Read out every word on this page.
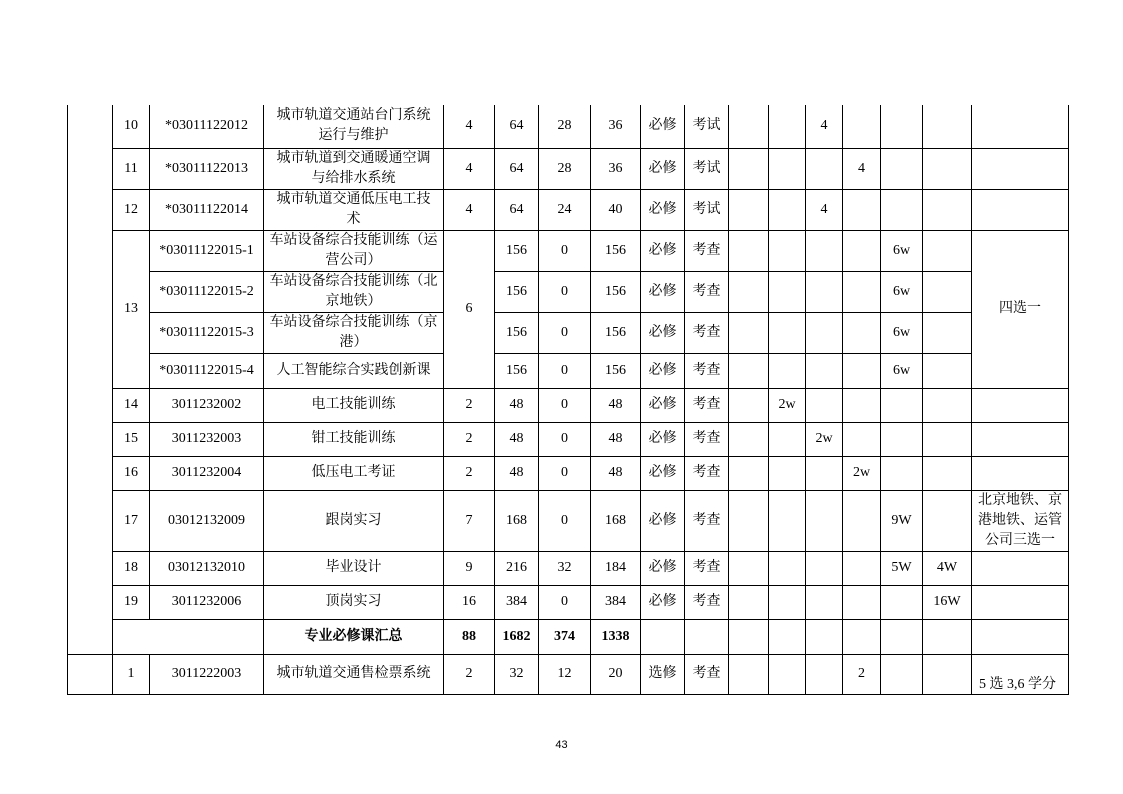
	10	*03011122012	城市轨道交通站台门系统运行与维护	4	64	28	36	必修	考试			4				
	11	*03011122013	城市轨道到交通暖通空调与给排水系统	4	64	28	36	必修	考试				4			
	12	*03011122014	城市轨道交通低压电工技术	4	64	24	40	必修	考试			4				
	13	*03011122015-1	车站设备综合技能训练（运营公司）	6	156	0	156	必修	考查					6w		四选一
		*03011122015-2	车站设备综合技能训练（北京地铁）		156	0	156	必修	考查					6w		
		*03011122015-3	车站设备综合技能训练（京港）		156	0	156	必修	考查					6w		
		*03011122015-4	人工智能综合实践创新课		156	0	156	必修	考查					6w		
	14	3011232002	电工技能训练	2	48	0	48	必修	考查		2w					
	15	3011232003	钳工技能训练	2	48	0	48	必修	考查			2w				
	16	3011232004	低压电工考证	2	48	0	48	必修	考查				2w			
	17	03012132009	跟岗实习	7	168	0	168	必修	考查					9W		北京地铁、京港地铁、运管公司三选一
	18	03012132010	毕业设计	9	216	32	184	必修	考查					5W	4W	
	19	3011232006	顶岗实习	16	384	0	384	必修	考查						16W	
			专业必修课汇总	88	1682	374	1338									
	1	3011222003	城市轨道交通售检票系统	2	32	12	20	选修	考查				2			5 选 3,6 学分
43
